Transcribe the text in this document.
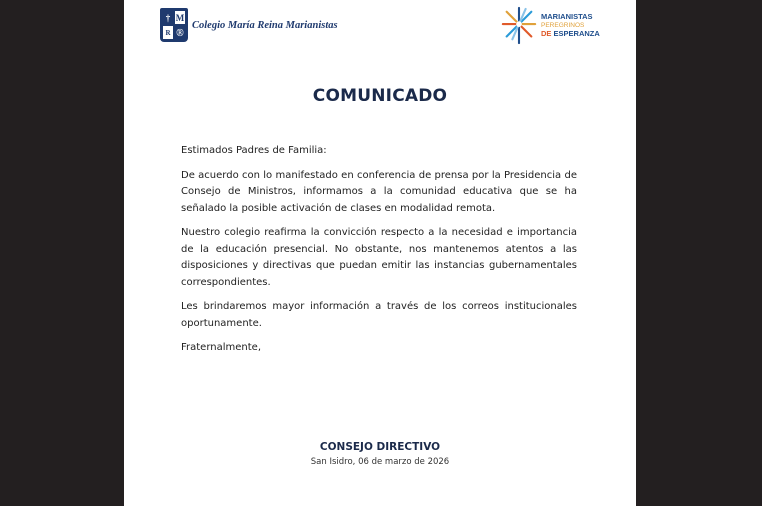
† M
R Ⓡ
Colegio María Reina Marianistas
MARIANISTAS
PEREGRINOS
DE ESPERANZA
COMUNICADO

Estimados Padres de Familia:

De acuerdo con lo manifestado en conferencia de prensa por la Presidencia de Consejo de Ministros, informamos a la comunidad educativa que se ha señalado la posible activación de clases en modalidad remota.

Nuestro colegio reafirma la convicción respecto a la necesidad e importancia de la educación presencial. No obstante, nos mantenemos atentos a las disposiciones y directivas que puedan emitir las instancias gubernamentales correspondientes.

Les brindaremos mayor información a través de los correos institucionales oportunamente.

Fraternalmente,

CONSEJO DIRECTIVO
San Isidro, 06 de marzo de 2026
